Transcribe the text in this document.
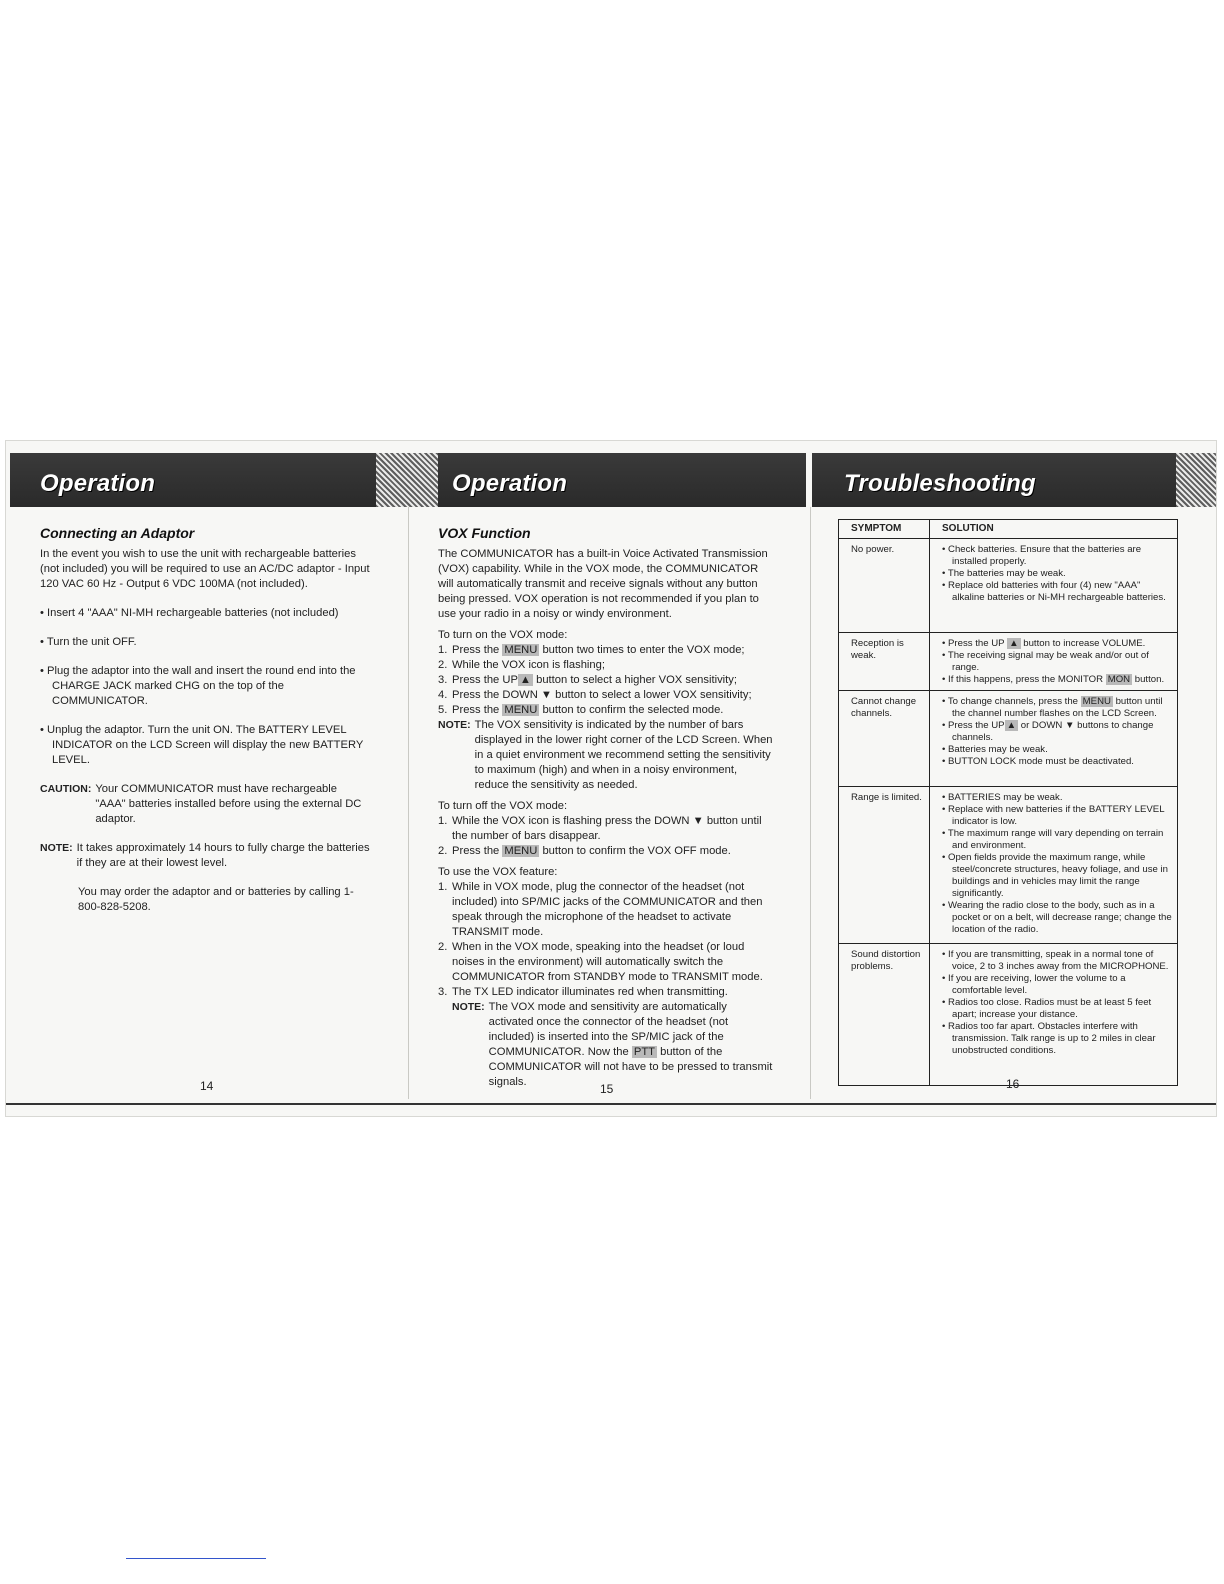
Operation	Operation	Troubleshooting
Connecting an Adaptor

In the event you wish to use the unit with rechargeable batteries (not included) you will be required to use an AC/DC adaptor - Input 120 VAC 60 Hz - Output 6 VDC 100MA (not included).

• Insert 4 "AAA" NI-MH rechargeable batteries (not included)

• Turn the unit OFF.

• Plug the adaptor into the wall and insert the round end into the CHARGE JACK marked CHG on the top of the COMMUNICATOR.

• Unplug the adaptor. Turn the unit ON. The BATTERY LEVEL INDICATOR on the LCD Screen will display the new BATTERY LEVEL.

CAUTION: Your COMMUNICATOR must have rechargeable "AAA" batteries installed before using the external DC adaptor.
NOTE: It takes approximately 14 hours to fully charge the batteries if they are at their lowest level.

You may order the adaptor and or batteries by calling 1-800-828-5208.

14
VOX Function

The COMMUNICATOR has a built-in Voice Activated Transmission (VOX) capability. While in the VOX mode, the COMMUNICATOR will automatically transmit and receive signals without any button being pressed. VOX operation is not recommended if you plan to use your radio in a noisy or windy environment.

To turn on the VOX mode:

1. Press the MENU button two times to enter the VOX mode;
2. While the VOX icon is flashing;
3. Press the UP ▲ button to select a higher VOX sensitivity;
4. Press the DOWN ▼ button to select a lower VOX sensitivity;
5. Press the MENU button to confirm the selected mode.
NOTE: The VOX sensitivity is indicated by the number of bars displayed in the lower right corner of the LCD Screen. When in a quiet environment we recommend setting the sensitivity to maximum (high) and when in a noisy environment, reduce the sensitivity as needed.

To turn off the VOX mode:

1. While the VOX icon is flashing press the DOWN ▼ button until the number of bars disappear.
2. Press the MENU button to confirm the VOX OFF mode.

To use the VOX feature:

1. While in VOX mode, plug the connector of the headset (not included) into SP/MIC jacks of the COMMUNICATOR and then speak through the microphone of the headset to activate TRANSMIT mode.
2. When in the VOX mode, speaking into the headset (or loud noises in the environment) will automatically switch the COMMUNICATOR from STANDBY mode to TRANSMIT mode.
3. The TX LED indicator illuminates red when transmitting.
NOTE: The VOX mode and sensitivity are automatically activated once the connector of the headset (not included) is inserted into the SP/MIC jack of the COMMUNICATOR. Now the PTT button of the COMMUNICATOR will not have to be pressed to transmit signals.	15
SYMPTOM	SOLUTION
No power.	• Check batteries. Ensure that the batteries are installed properly.
• The batteries may be weak.
• Replace old batteries with four (4) new "AAA" alkaline batteries or Ni-MH rechargeable batteries.

Reception is weak.	• Press the UP ▲ button to increase VOLUME.
• The receiving signal may be weak and/or out of range.
• If this happens, press the MONITOR MON button.

Cannot change channels.	• To change channels, press the MENU button until the channel number flashes on the LCD Screen.
• Press the UP ▲ or DOWN ▼ buttons to change channels.
• Batteries may be weak.
• BUTTON LOCK mode must be deactivated.

Range is limited.	• BATTERIES may be weak.
• Replace with new batteries if the BATTERY LEVEL indicator is low.
• The maximum range will vary depending on terrain and environment.
• Open fields provide the maximum range, while steel/concrete structures, heavy foliage, and use in buildings and in vehicles may limit the range significantly.
• Wearing the radio close to the body, such as in a pocket or on a belt, will decrease range; change the location of the radio.

Sound distortion problems.	• If you are transmitting, speak in a normal tone of voice, 2 to 3 inches away from the MICROPHONE.
• If you are receiving, lower the volume to a comfortable level.
• Radios too close. Radios must be at least 5 feet apart; increase your distance.
• Radios too far apart. Obstacles interfere with transmission. Talk range is up to 2 miles in clear unobstructed conditions.
16
